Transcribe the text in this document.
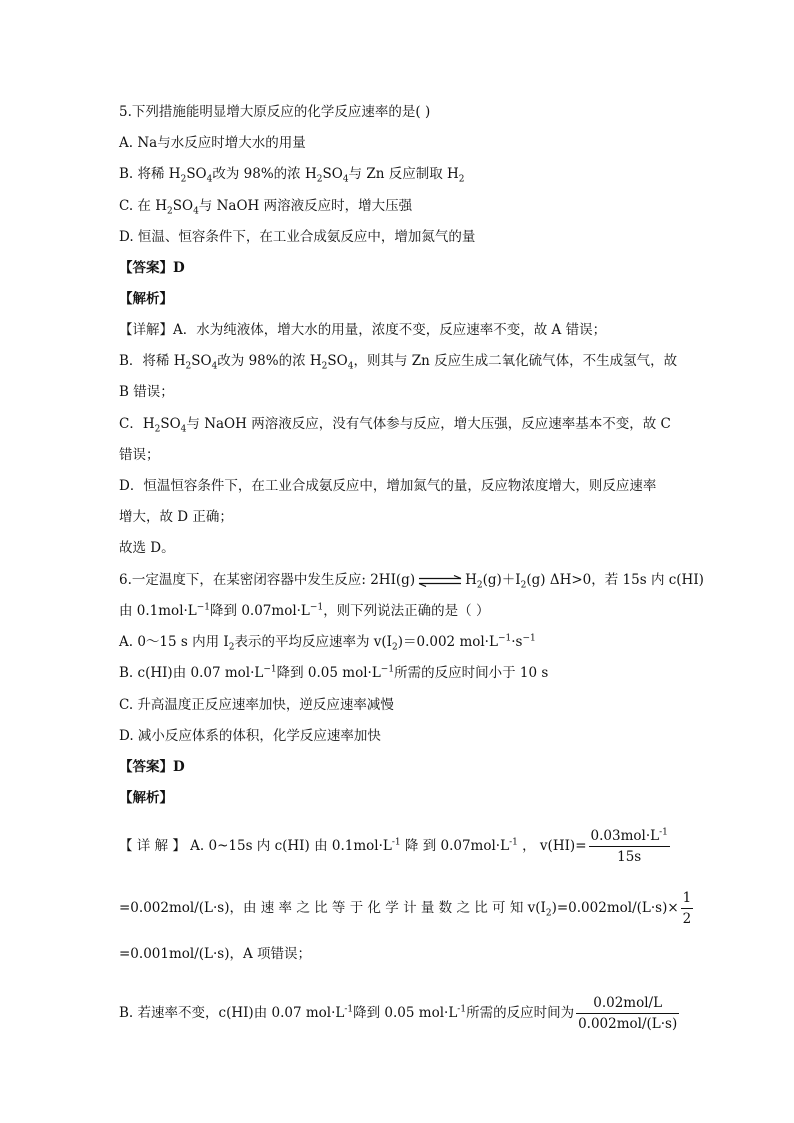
5.下列措施能明显增大原反应的化学反应速率的是( )
A. Na与水反应时增大水的用量
B. 将稀 $H_2SO_4$改为 98%的浓 $H_2SO_4$与 Zn 反应制取 $H_2$
C. 在 $H_2SO_4$与 NaOH 两溶液反应时，增大压强
D. 恒温、恒容条件下，在工业合成氨反应中，增加氮气的量
【答案】D
【解析】
【详解】A．水为纯液体，增大水的用量，浓度不变，反应速率不变，故 A 错误；
B．将稀 $H_2SO_4$改为 98%的浓 $H_2SO_4$，则其与 Zn 反应生成二氧化硫气体，不生成氢气，故
B 错误；
C．$H_2SO_4$与 NaOH 两溶液反应，没有气体参与反应，增大压强，反应速率基本不变，故 C
错误；
D．恒温恒容条件下，在工业合成氨反应中，增加氮气的量，反应物浓度增大，则反应速率
增大，故 D 正确；
故选 D。
6.一定温度下，在某密闭容器中发生反应: 2HI(g) ⇌ $H_2(g)+I_2(g)$ ΔH>0，若 15s 内 c(HI)
由 $0.1mol\cdot L^{-1}$降到 $0.07mol\cdot L^{-1}$，则下列说法正确的是（ ）
A. 0～15 s 内用 $I_2$表示的平均反应速率为 $v(I_2)=0.002$ $mol\cdot L^{-1}\cdot s^{-1}$
B. c(HI)由 0.07 $mol\cdot L^{-1}$降到 0.05 $mol\cdot L^{-1}$所需的反应时间小于 10 s
C. 升高温度正反应速率加快，逆反应速率减慢
D. 减小反应体系的体积，化学反应速率加快
【答案】D
【解析】
【 详 解 】 A. 0~15s 内 c(HI) 由 $0.1mol\cdot L^{-1}$ 降 到 $0.07mol\cdot L^{-1}$ ， $v(HI)= \frac{0.03mol\cdot L^{-1}}{15s}$
=0.002mol/(L·s)，由 速 率 之 比 等 于 化 学 计 量 数 之 比 可 知 $v(I_2)=0.002mol/(L\cdot s)\times \frac{1}{2}$
=0.001mol/(L·s)，A 项错误；
B. 若速率不变，c(HI)由 0.07 $mol\cdot L^{-1}$降到 0.05 $mol\cdot L^{-1}$所需的反应时间为 $\frac{\text{0.02mol/L}}{\text{0.002mol/(L·s)}}$
